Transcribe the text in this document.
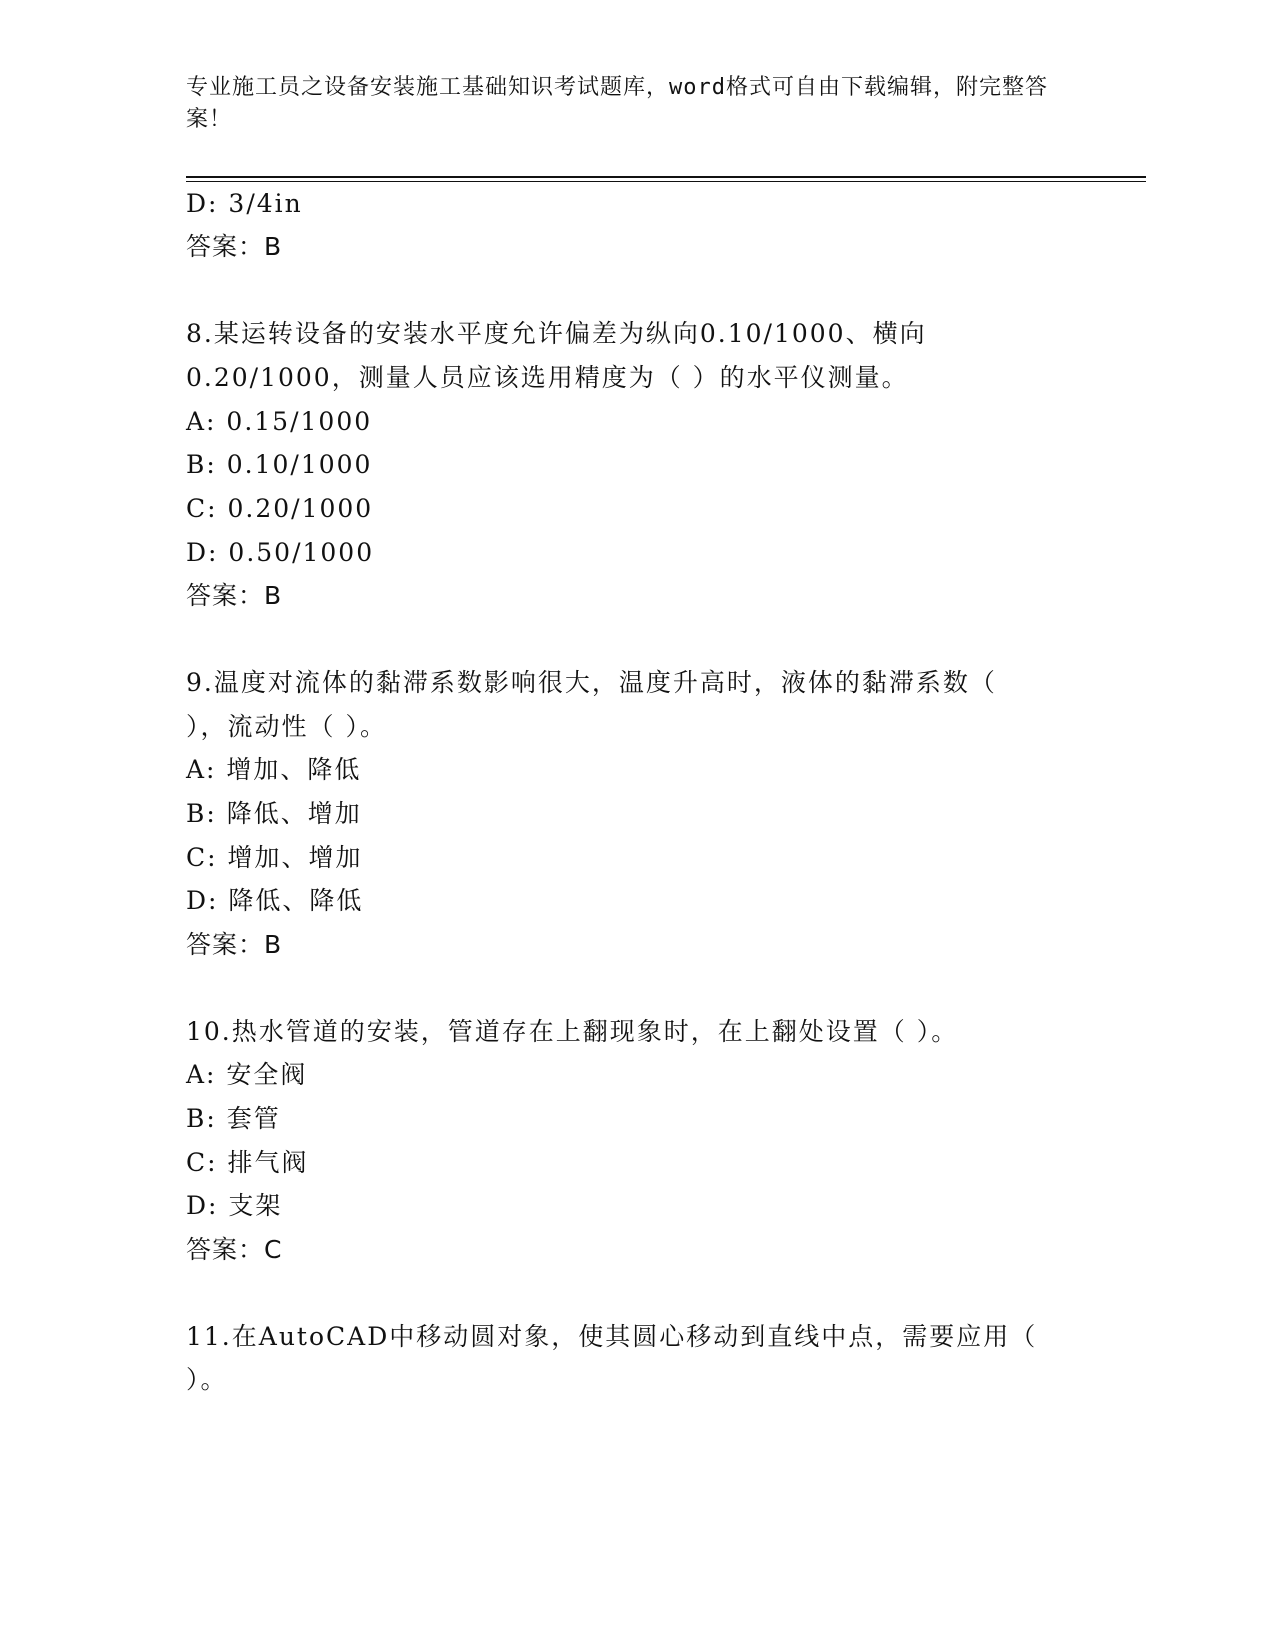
专业施工员之设备安装施工基础知识考试题库，word格式可自由下载编辑，附完整答案！
D: 3/4in
答案：B
8.某运转设备的安装水平度允许偏差为纵向0.10/1000、横向
0.20/1000，测量人员应该选用精度为（ ）的水平仪测量。
A: 0.15/1000
B: 0.10/1000
C: 0.20/1000
D: 0.50/1000
答案：B
9.温度对流体的黏滞系数影响很大，温度升高时，液体的黏滞系数（
），流动性（ ）。
A: 增加、降低
B: 降低、增加
C: 增加、增加
D: 降低、降低
答案：B
10.热水管道的安装，管道存在上翻现象时，在上翻处设置（ ）。
A: 安全阀
B: 套管
C: 排气阀
D: 支架
答案：C
11.在AutoCAD中移动圆对象，使其圆心移动到直线中点，需要应用（
）。
